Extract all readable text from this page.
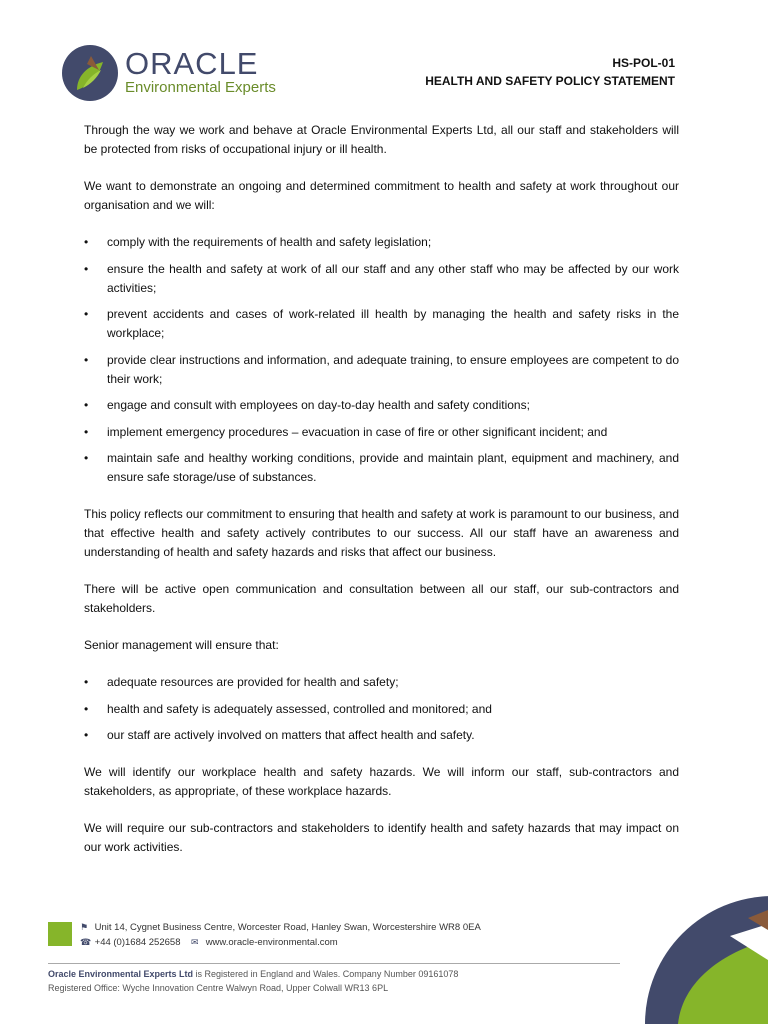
ORACLE
Environmental Experts
HS-POL-01
HEALTH AND SAFETY POLICY STATEMENT

Through the way we work and behave at Oracle Environmental Experts Ltd, all our staff and stakeholders will be protected from risks of occupational injury or ill health.

We want to demonstrate an ongoing and determined commitment to health and safety at work throughout our organisation and we will:

• comply with the requirements of health and safety legislation;
• ensure the health and safety at work of all our staff and any other staff who may be affected by our work activities;
• prevent accidents and cases of work-related ill health by managing the health and safety risks in the workplace;
• provide clear instructions and information, and adequate training, to ensure employees are competent to do their work;
• engage and consult with employees on day-to-day health and safety conditions;
• implement emergency procedures – evacuation in case of fire or other significant incident; and
• maintain safe and healthy working conditions, provide and maintain plant, equipment and machinery, and ensure safe storage/use of substances.

This policy reflects our commitment to ensuring that health and safety at work is paramount to our business, and that effective health and safety actively contributes to our success. All our staff have an awareness and understanding of health and safety hazards and risks that affect our business.

There will be active open communication and consultation between all our staff, our sub-contractors and stakeholders.

Senior management will ensure that:

• adequate resources are provided for health and safety;
• health and safety is adequately assessed, controlled and monitored; and
• our staff are actively involved on matters that affect health and safety.

We will identify our workplace health and safety hazards. We will inform our staff, sub-contractors and stakeholders, as appropriate, of these workplace hazards.

We will require our sub-contractors and stakeholders to identify health and safety hazards that may impact on our work activities.

⚑ Unit 14, Cygnet Business Centre, Worcester Road, Hanley Swan, Worcestershire WR8 0EA
☎ +44 (0)1684 252658 ✉ www.oracle-environmental.com
Oracle Environmental Experts Ltd is Registered in England and Wales. Company Number 09161078
Registered Office: Wyche Innovation Centre Walwyn Road, Upper Colwall WR13 6PL
